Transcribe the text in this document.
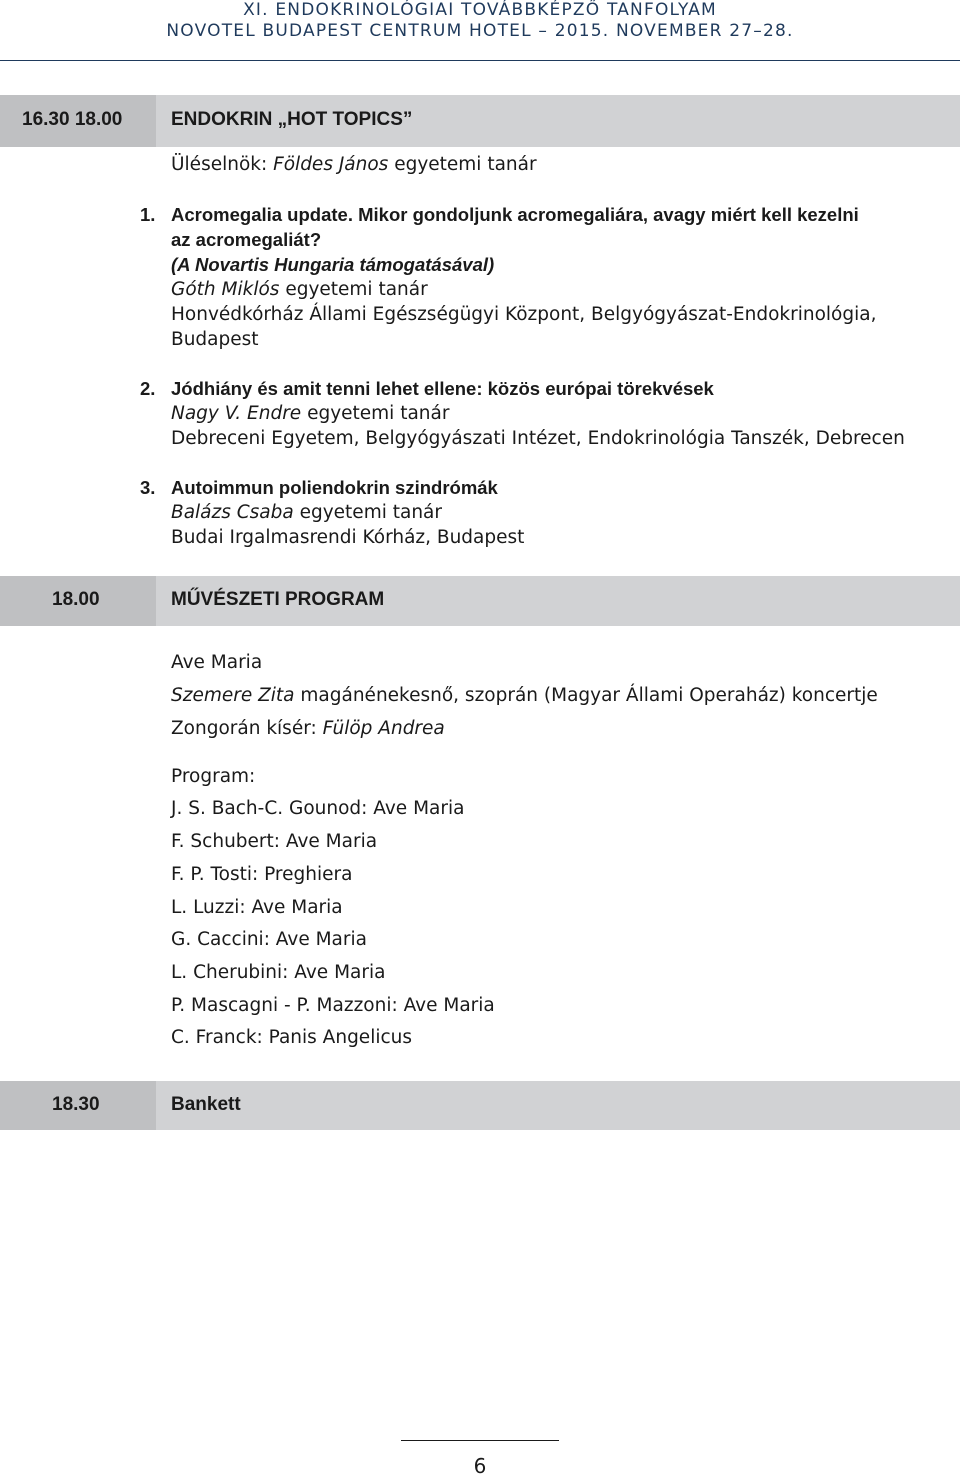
XI. ENDOKRINOLÓGIAI TOVÁBBKÉPZŐ TANFOLYAM
NOVOTEL BUDAPEST CENTRUM HOTEL – 2015. NOVEMBER 27–28.
16.30 18.00	ENDOKRIN „HOT TOPICS”
Üléselnök: Földes János egyetemi tanár
1. Acromegalia update. Mikor gondoljunk acromegaliára, avagy miért kell kezelni
az acromegaliát?
(A Novartis Hungaria támogatásával)
Góth Miklós egyetemi tanár
Honvédkórház Állami Egészségügyi Központ, Belgyógyászat-Endokrinológia,
Budapest
2. Jódhiány és amit tenni lehet ellene: közös európai törekvések
Nagy V. Endre egyetemi tanár
Debreceni Egyetem, Belgyógyászati Intézet, Endokrinológia Tanszék, Debrecen
3. Autoimmun poliendokrin szindrómák
Balázs Csaba egyetemi tanár
Budai Irgalmasrendi Kórház, Budapest
18.00	MŰVÉSZETI PROGRAM
Ave Maria
Szemere Zita magánénekesnő, szoprán (Magyar Állami Operaház) koncertje
Zongorán kísér: Fülöp Andrea
Program:
J. S. Bach-C. Gounod: Ave Maria
F. Schubert: Ave Maria
F. P. Tosti: Preghiera
L. Luzzi: Ave Maria
G. Caccini: Ave Maria
L. Cherubini: Ave Maria
P. Mascagni - P. Mazzoni: Ave Maria
C. Franck: Panis Angelicus
18.30	Bankett
6
